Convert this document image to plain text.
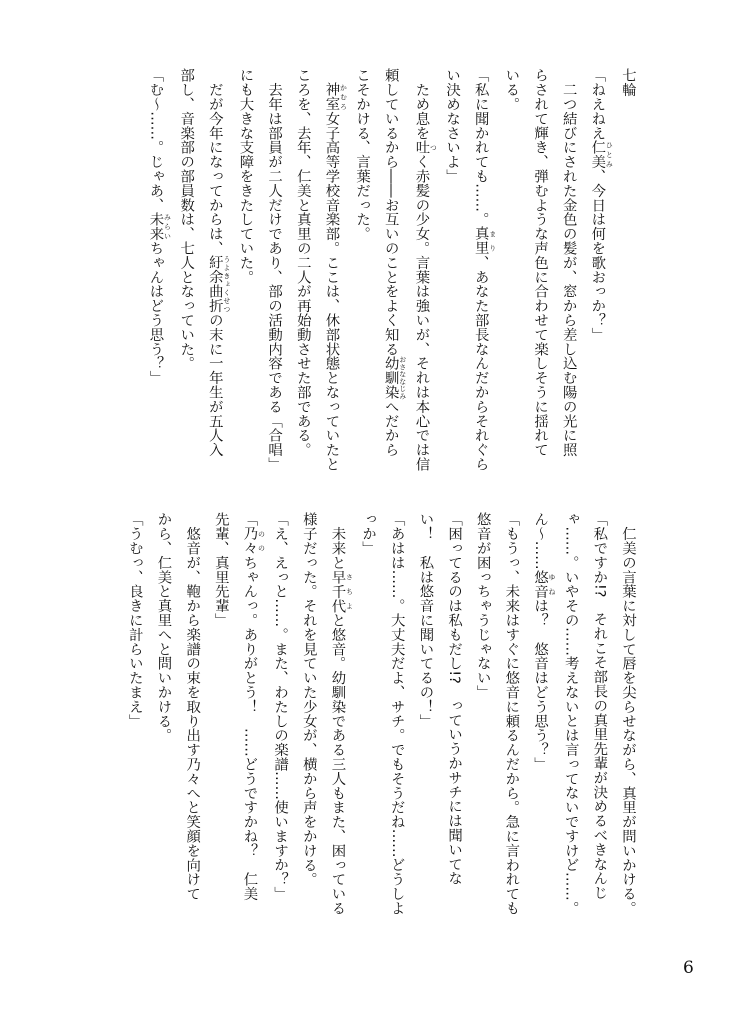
七輪
「ねえねえ仁美 ひとみ、今日は何を歌おっか？」
　二つ結びにされた金色の髪が、窓から差し込む陽の光に照
らされて輝き、弾むような声色に合わせて楽しそうに揺れて
いる。
「私に聞かれても……。真里 まり、あなた部長なんだからそれぐら
い決めなさいよ」
　ため息を吐 つく赤髪の少女。言葉は強いが、それは本心では信
頼しているから――お互いのことをよく知る幼馴染 おさななじみへだから
こそかける、言葉だった。
　神室 かむろ女子高等学校音楽部。ここは、休部状態となっていたと
ころを、去年、仁美と真里の二人が再始動させた部である。
　去年は部員が二人だけであり、部の活動内容である「合唱」
にも大きな支障をきたしていた。
　だが今年になってからは、紆余曲折 うよきょくせつの末に一年生が五人入
部し、音楽部の部員数は、七人となっていた。
「む〜……。じゃあ、未来 みらいちゃんはどう思う？」
　仁美の言葉に対して唇を尖らせながら、真里が問いかける。
「私ですか!?　それこそ部長の真里先輩が決めるべきなんじ
ゃ……。いやその……考えないとは言ってないですけど……。
ん〜……悠音 ゆねは？　悠音はどう思う？」
「もうっ、未来はすぐに悠音に頼るんだから。急に言われても
悠音が困っちゃうじゃない」
「困ってるのは私もだし!?　っていうかサチには聞いてな
い！　私は悠音に聞いてるの！」
「あはは……。大丈夫だよ、サチ。でもそうだね……どうしよ
っか」
　未来と早千代 さちよと悠音。幼馴染である三人もまた、困っている
様子だった。それを見ていた少女が、横から声をかける。
「え、えっと……。また、わたしの楽譜……使いますか？」
「乃々 ののちゃんっ。ありがとう！　……どうですかね？　仁美
先輩、真里先輩」
　悠音が、鞄から楽譜の束を取り出す乃々へと笑顔を向けて
から、仁美と真里へと問いかける。
「うむっ、良きに計らいたまえ」
6
